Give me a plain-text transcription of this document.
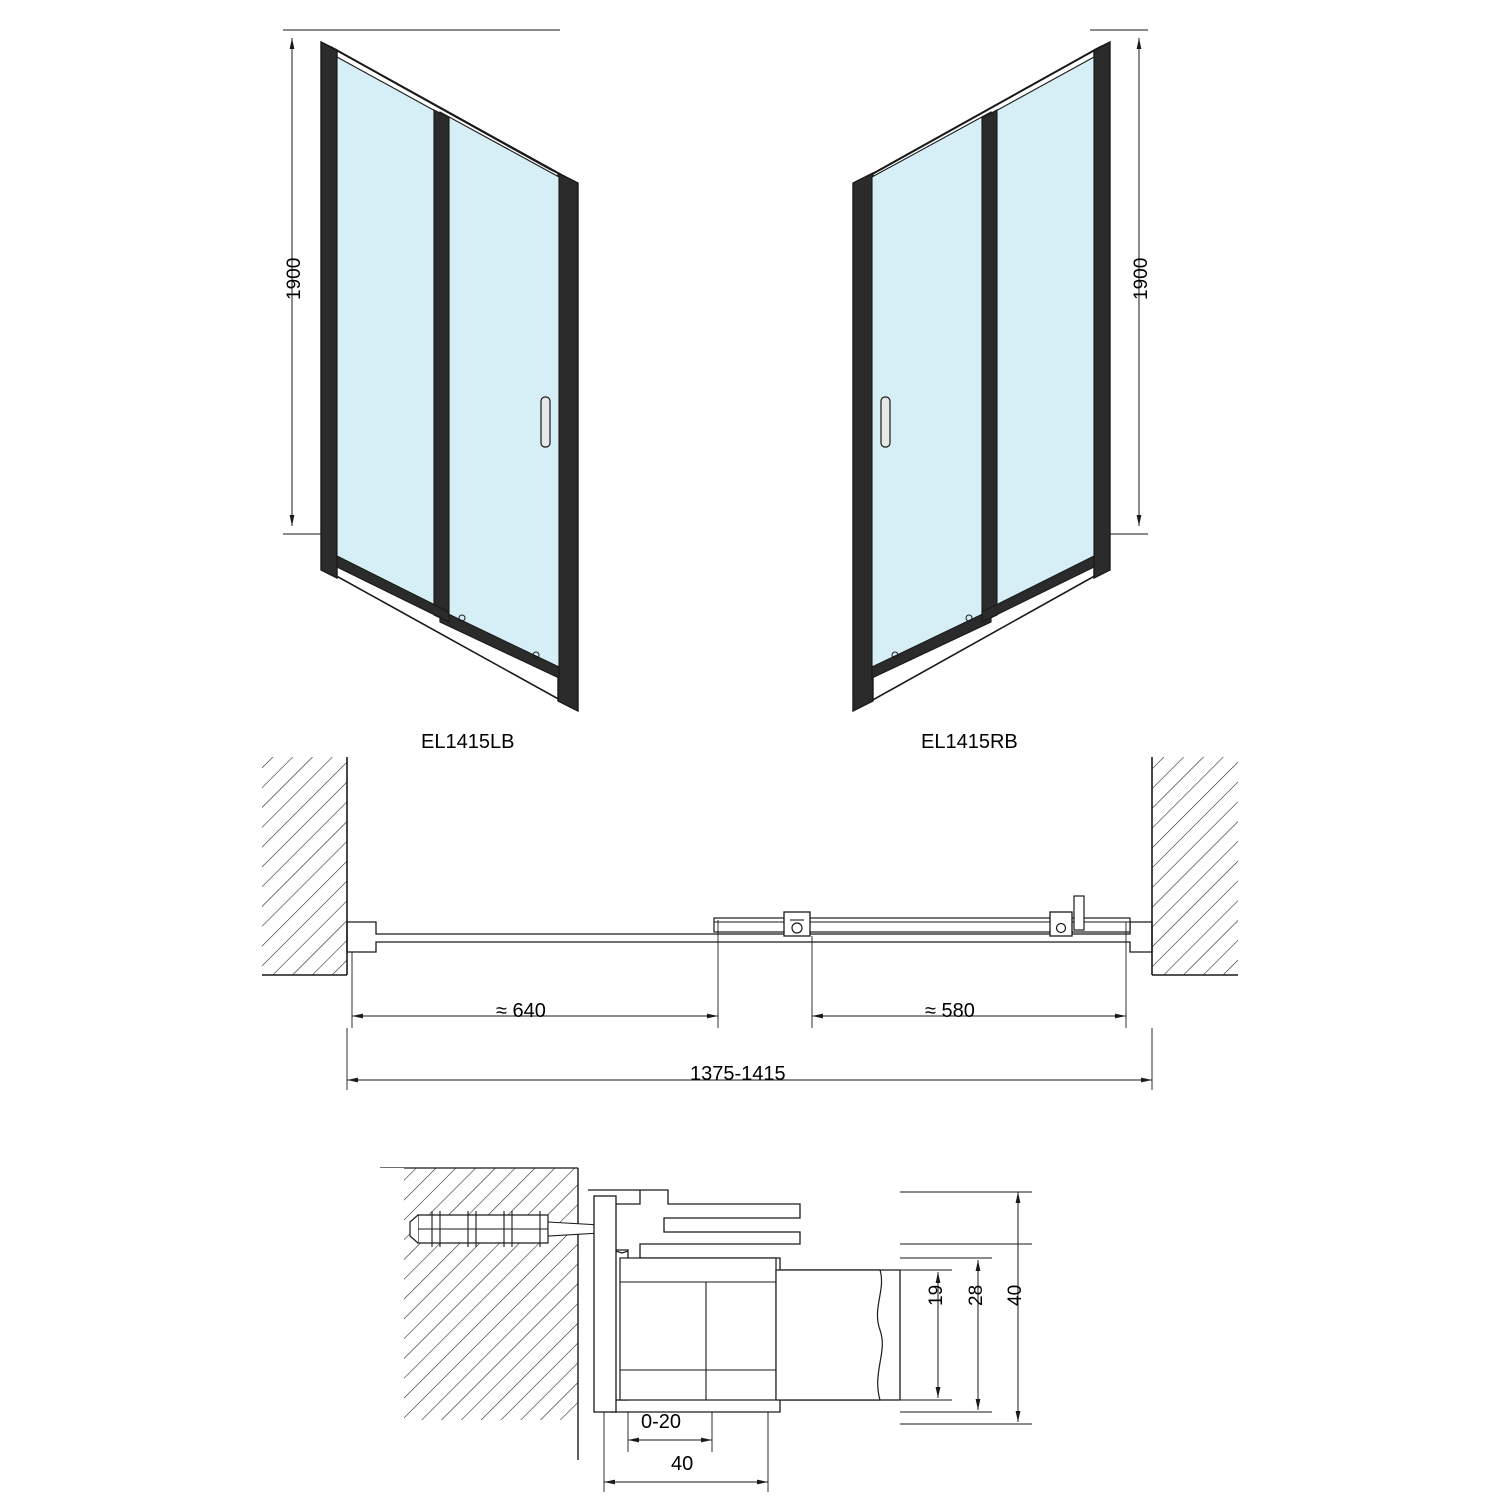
1900	1900
EL1415LB	EL1415RB
≈ 640	≈ 580
1375-1415
40
28
19
0-20
40
